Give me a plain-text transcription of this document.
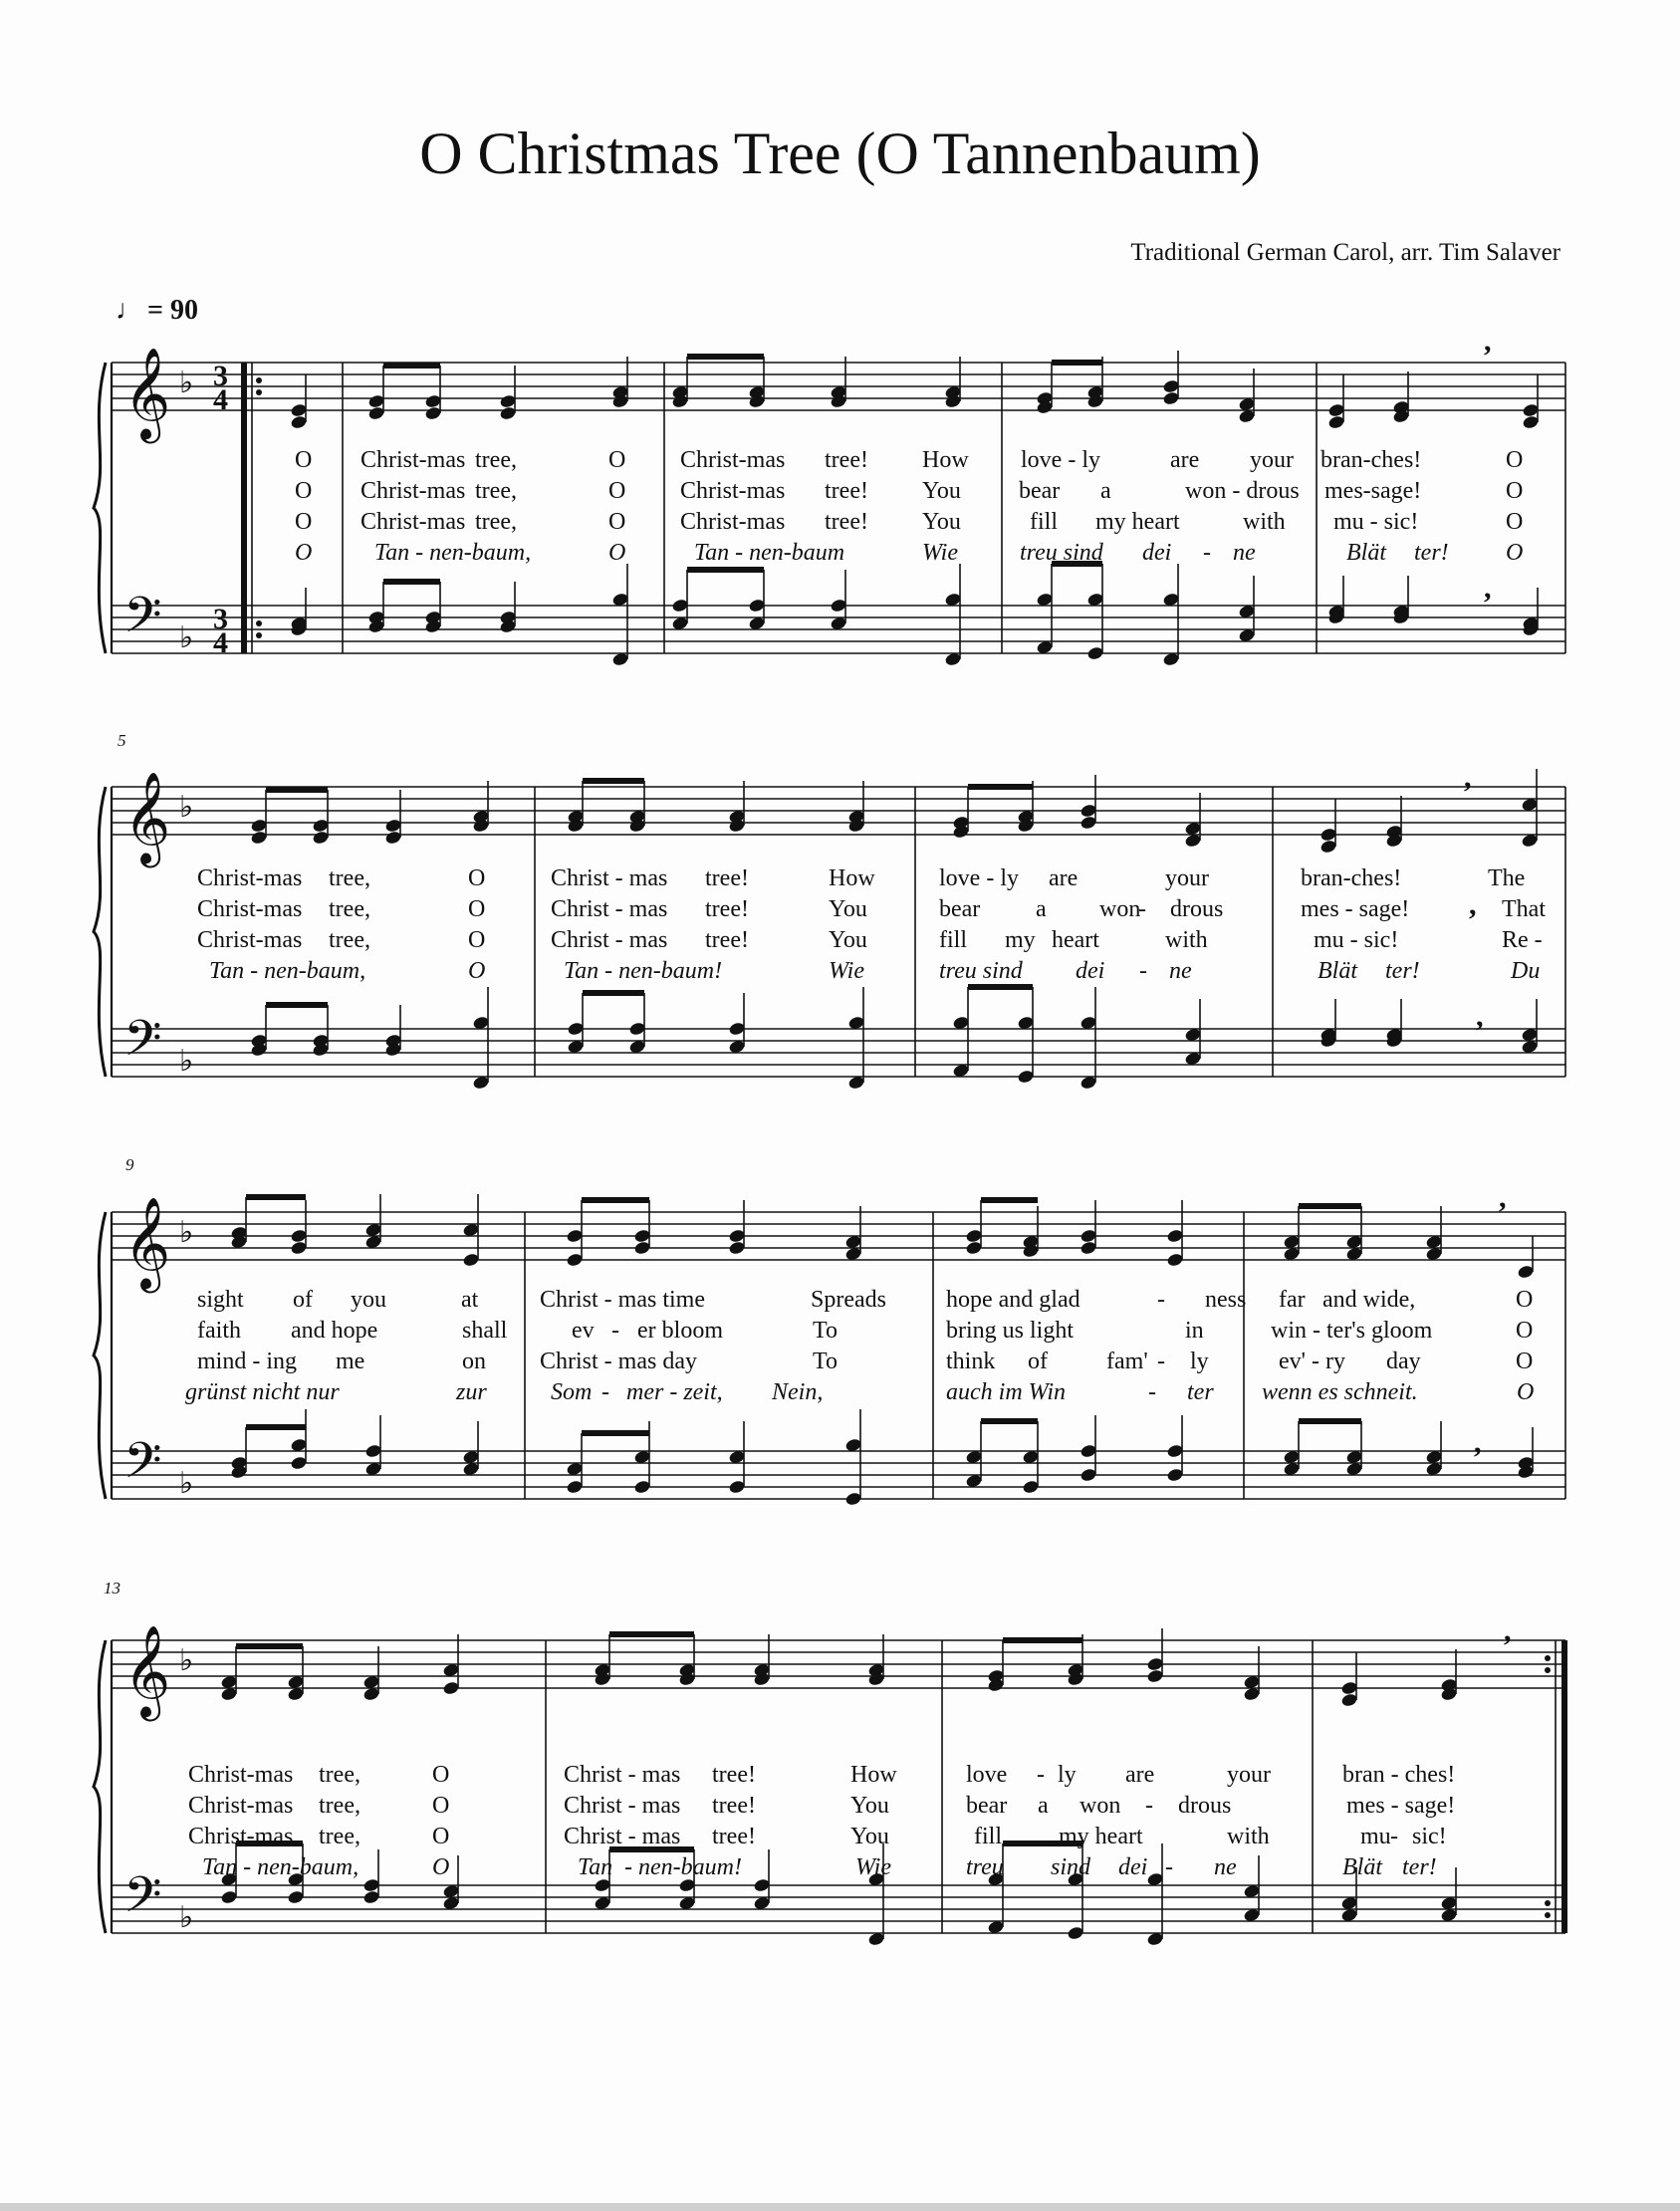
O Christmas Tree (O Tannenbaum)
Traditional German Carol, arr. Tim Salaver
♩ = 90
5
9
13
𝄞
𝄢
♭
♭
3
4
3
4
𝄞
𝄢
♭
♭
𝄞
𝄢
♭
♭
𝄞
𝄢
♭
♭
,
,
,
,
,
,
,
,
O
O
O
O
Christ-mas tree,	O
Christ-mas tree,	O
Christ-mas tree,	O
Tan - nen-baum,	O
Christ-mas tree! How
Christ-mas tree! You
Christ-mas tree! You
Tan - nen-baum	Wie
love - ly	are your
bear a	won - drous
fill my heart	with
treu sind dei - ne
bran-ches!	O
mes-sage!	O
mu - sic!	O
Blät ter! O
Christ-mas tree,	O
Christ-mas tree,	O
Christ-mas tree,	O
Tan - nen-baum,	O
Christ - mas tree!	How
Christ - mas tree!	You
Christ - mas tree!	You
Tan - nen-baum!	Wie
love - ly are	your
bear a won
- drous
fill my heart	with
treu sind dei - ne
bran-ches!	The
mes - sage!	That
mu - sic!	Re -
Blät ter!	Du
sight of you	at
faith and hope	shall
mind - ing me	on
grünst nicht nur	zur
Christ - mas time	Spreads
ev - er bloom	To
Christ - mas day	To
Som - mer - zeit, Nein,
hope and glad	- ness
bring us light	in
think of fam' - ly
auch im Win	- ter
far and wide,	O
win - ter's gloom	O
ev' - ry day	O
wenn es schneit.	O
Christ-mas tree,	O
Christ-mas tree,	O
Christ-mas tree,	O
Tan - nen-baum,	O
Christ - mas tree!	How
Christ - mas tree!	You
Christ - mas tree!	You
Tan - nen-baum!	Wie
love - ly are	your
bear a won - drous
fill my heart	with
treu sind dei - ne
bran - ches!
mes - sage!
mu - sic!
Blät ter!
